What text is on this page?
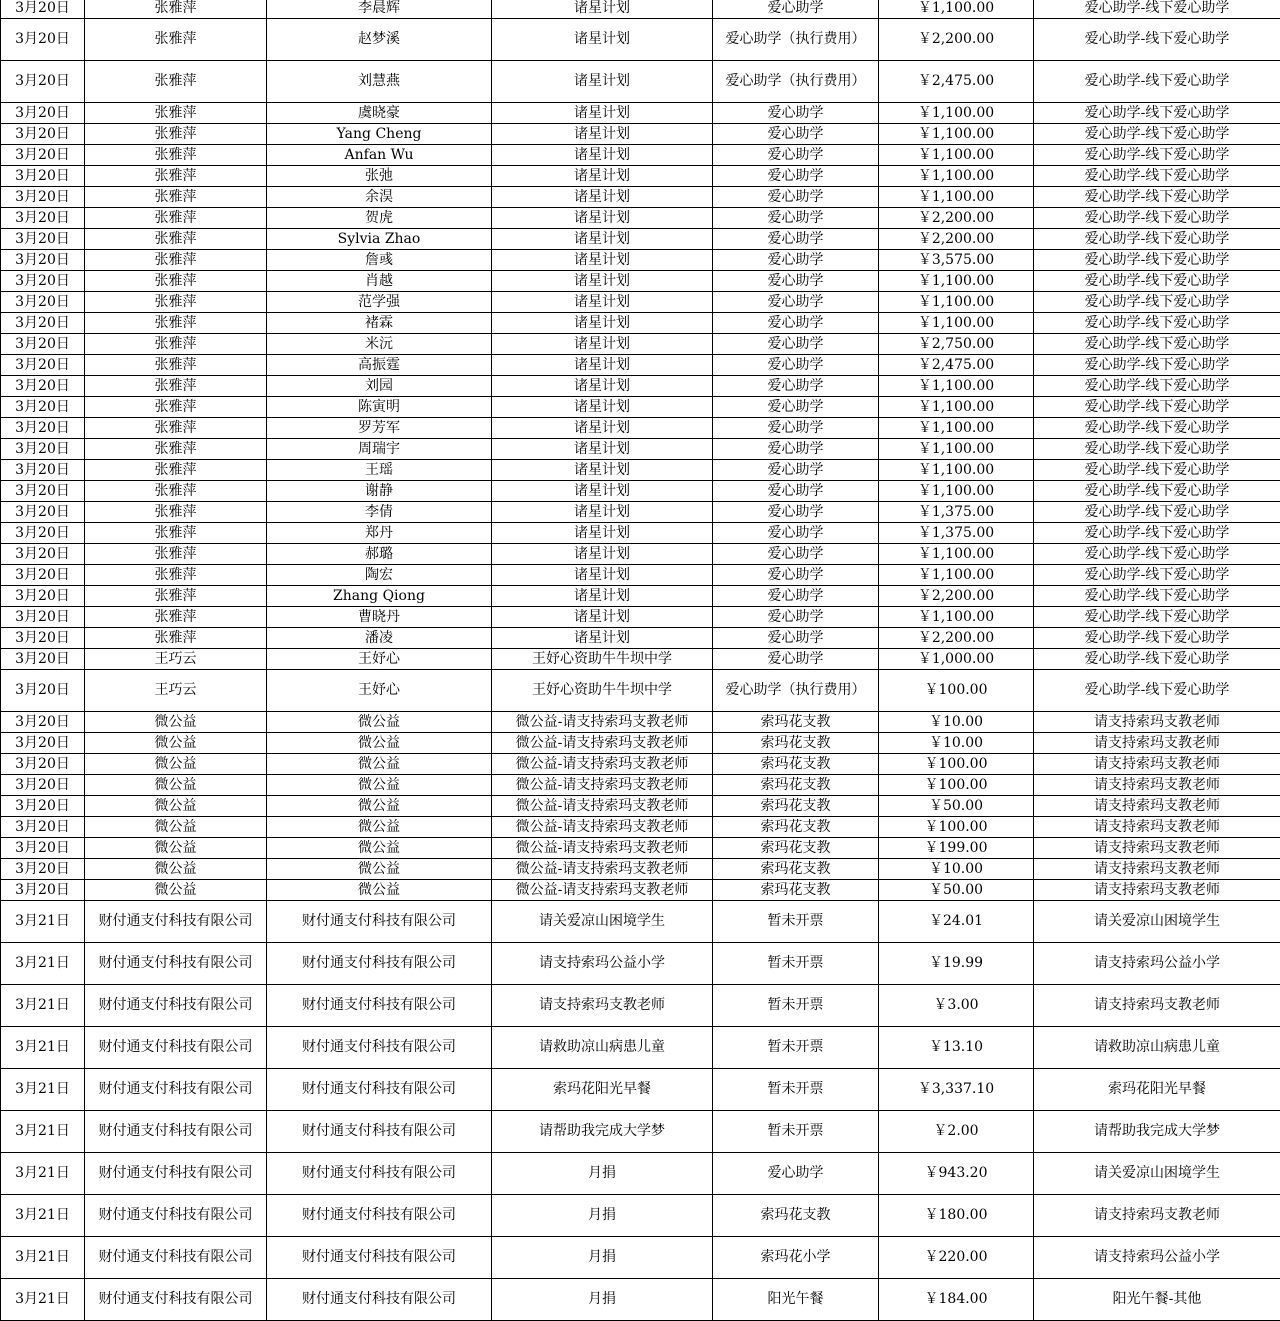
3月20日	张雅萍	李晨辉	诸星计划	爱心助学	￥1,100.00	爱心助学-线下爱心助学
3月20日	张雅萍	赵梦溪	诸星计划	爱心助学（执行费用）	￥2,200.00	爱心助学-线下爱心助学
3月20日	张雅萍	刘慧燕	诸星计划	爱心助学（执行费用）	￥2,475.00	爱心助学-线下爱心助学
3月20日	张雅萍	虞晓豪	诸星计划	爱心助学	￥1,100.00	爱心助学-线下爱心助学
3月20日	张雅萍	Yang Cheng	诸星计划	爱心助学	￥1,100.00	爱心助学-线下爱心助学
3月20日	张雅萍	Anfan Wu	诸星计划	爱心助学	￥1,100.00	爱心助学-线下爱心助学
3月20日	张雅萍	张弛	诸星计划	爱心助学	￥1,100.00	爱心助学-线下爱心助学
3月20日	张雅萍	余淏	诸星计划	爱心助学	￥1,100.00	爱心助学-线下爱心助学
3月20日	张雅萍	贺虎	诸星计划	爱心助学	￥2,200.00	爱心助学-线下爱心助学
3月20日	张雅萍	Sylvia Zhao	诸星计划	爱心助学	￥2,200.00	爱心助学-线下爱心助学
3月20日	张雅萍	詹彧	诸星计划	爱心助学	￥3,575.00	爱心助学-线下爱心助学
3月20日	张雅萍	肖越	诸星计划	爱心助学	￥1,100.00	爱心助学-线下爱心助学
3月20日	张雅萍	范学强	诸星计划	爱心助学	￥1,100.00	爱心助学-线下爱心助学
3月20日	张雅萍	褚霖	诸星计划	爱心助学	￥1,100.00	爱心助学-线下爱心助学
3月20日	张雅萍	米沅	诸星计划	爱心助学	￥2,750.00	爱心助学-线下爱心助学
3月20日	张雅萍	高振霆	诸星计划	爱心助学	￥2,475.00	爱心助学-线下爱心助学
3月20日	张雅萍	刘园	诸星计划	爱心助学	￥1,100.00	爱心助学-线下爱心助学
3月20日	张雅萍	陈寅明	诸星计划	爱心助学	￥1,100.00	爱心助学-线下爱心助学
3月20日	张雅萍	罗芳军	诸星计划	爱心助学	￥1,100.00	爱心助学-线下爱心助学
3月20日	张雅萍	周瑞宇	诸星计划	爱心助学	￥1,100.00	爱心助学-线下爱心助学
3月20日	张雅萍	王瑶	诸星计划	爱心助学	￥1,100.00	爱心助学-线下爱心助学
3月20日	张雅萍	谢静	诸星计划	爱心助学	￥1,100.00	爱心助学-线下爱心助学
3月20日	张雅萍	李倩	诸星计划	爱心助学	￥1,375.00	爱心助学-线下爱心助学
3月20日	张雅萍	郑丹	诸星计划	爱心助学	￥1,375.00	爱心助学-线下爱心助学
3月20日	张雅萍	郝璐	诸星计划	爱心助学	￥1,100.00	爱心助学-线下爱心助学
3月20日	张雅萍	陶宏	诸星计划	爱心助学	￥1,100.00	爱心助学-线下爱心助学
3月20日	张雅萍	Zhang Qiong	诸星计划	爱心助学	￥2,200.00	爱心助学-线下爱心助学
3月20日	张雅萍	曹晓丹	诸星计划	爱心助学	￥1,100.00	爱心助学-线下爱心助学
3月20日	张雅萍	潘凌	诸星计划	爱心助学	￥2,200.00	爱心助学-线下爱心助学
3月20日	王巧云	王妤心	王妤心资助牛牛坝中学	爱心助学	￥1,000.00	爱心助学-线下爱心助学
3月20日	王巧云	王妤心	王妤心资助牛牛坝中学	爱心助学（执行费用）	￥100.00	爱心助学-线下爱心助学
3月20日	微公益	微公益	微公益-请支持索玛支教老师	索玛花支教	￥10.00	请支持索玛支教老师
3月20日	微公益	微公益	微公益-请支持索玛支教老师	索玛花支教	￥10.00	请支持索玛支教老师
3月20日	微公益	微公益	微公益-请支持索玛支教老师	索玛花支教	￥100.00	请支持索玛支教老师
3月20日	微公益	微公益	微公益-请支持索玛支教老师	索玛花支教	￥100.00	请支持索玛支教老师
3月20日	微公益	微公益	微公益-请支持索玛支教老师	索玛花支教	￥50.00	请支持索玛支教老师
3月20日	微公益	微公益	微公益-请支持索玛支教老师	索玛花支教	￥100.00	请支持索玛支教老师
3月20日	微公益	微公益	微公益-请支持索玛支教老师	索玛花支教	￥199.00	请支持索玛支教老师
3月20日	微公益	微公益	微公益-请支持索玛支教老师	索玛花支教	￥10.00	请支持索玛支教老师
3月20日	微公益	微公益	微公益-请支持索玛支教老师	索玛花支教	￥50.00	请支持索玛支教老师
3月21日	财付通支付科技有限公司	财付通支付科技有限公司	请关爱凉山困境学生	暂未开票	￥24.01	请关爱凉山困境学生
3月21日	财付通支付科技有限公司	财付通支付科技有限公司	请支持索玛公益小学	暂未开票	￥19.99	请支持索玛公益小学
3月21日	财付通支付科技有限公司	财付通支付科技有限公司	请支持索玛支教老师	暂未开票	￥3.00	请支持索玛支教老师
3月21日	财付通支付科技有限公司	财付通支付科技有限公司	请救助凉山病患儿童	暂未开票	￥13.10	请救助凉山病患儿童
3月21日	财付通支付科技有限公司	财付通支付科技有限公司	索玛花阳光早餐	暂未开票	￥3,337.10	索玛花阳光早餐
3月21日	财付通支付科技有限公司	财付通支付科技有限公司	请帮助我完成大学梦	暂未开票	￥2.00	请帮助我完成大学梦
3月21日	财付通支付科技有限公司	财付通支付科技有限公司	月捐	爱心助学	￥943.20	请关爱凉山困境学生
3月21日	财付通支付科技有限公司	财付通支付科技有限公司	月捐	索玛花支教	￥180.00	请支持索玛支教老师
3月21日	财付通支付科技有限公司	财付通支付科技有限公司	月捐	索玛花小学	￥220.00	请支持索玛公益小学
3月21日	财付通支付科技有限公司	财付通支付科技有限公司	月捐	阳光午餐	￥184.00	阳光午餐-其他
